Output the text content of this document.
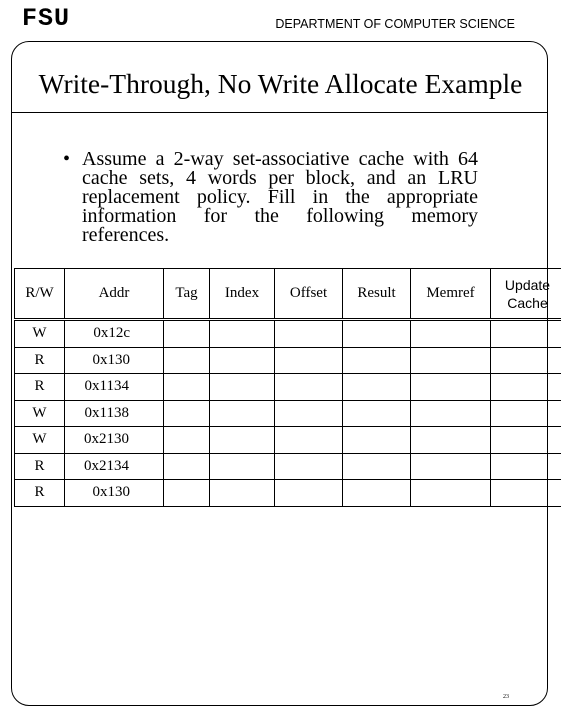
FSU	DEPARTMENT OF COMPUTER SCIENCE
Write-Through, No Write Allocate Example
• Assume a 2-way set-associative cache with 64 cache sets, 4 words per block, and an LRU replacement policy. Fill in the appropriate information for the following memory references.
R/W	Addr	Tag	Index	Offset	Result	Memref	Update
Cache

W	0x12c						
R	0x130						
R	0x1134						
W	0x1138						
W	0x2130						
R	0x2134						
R	0x130						
23
